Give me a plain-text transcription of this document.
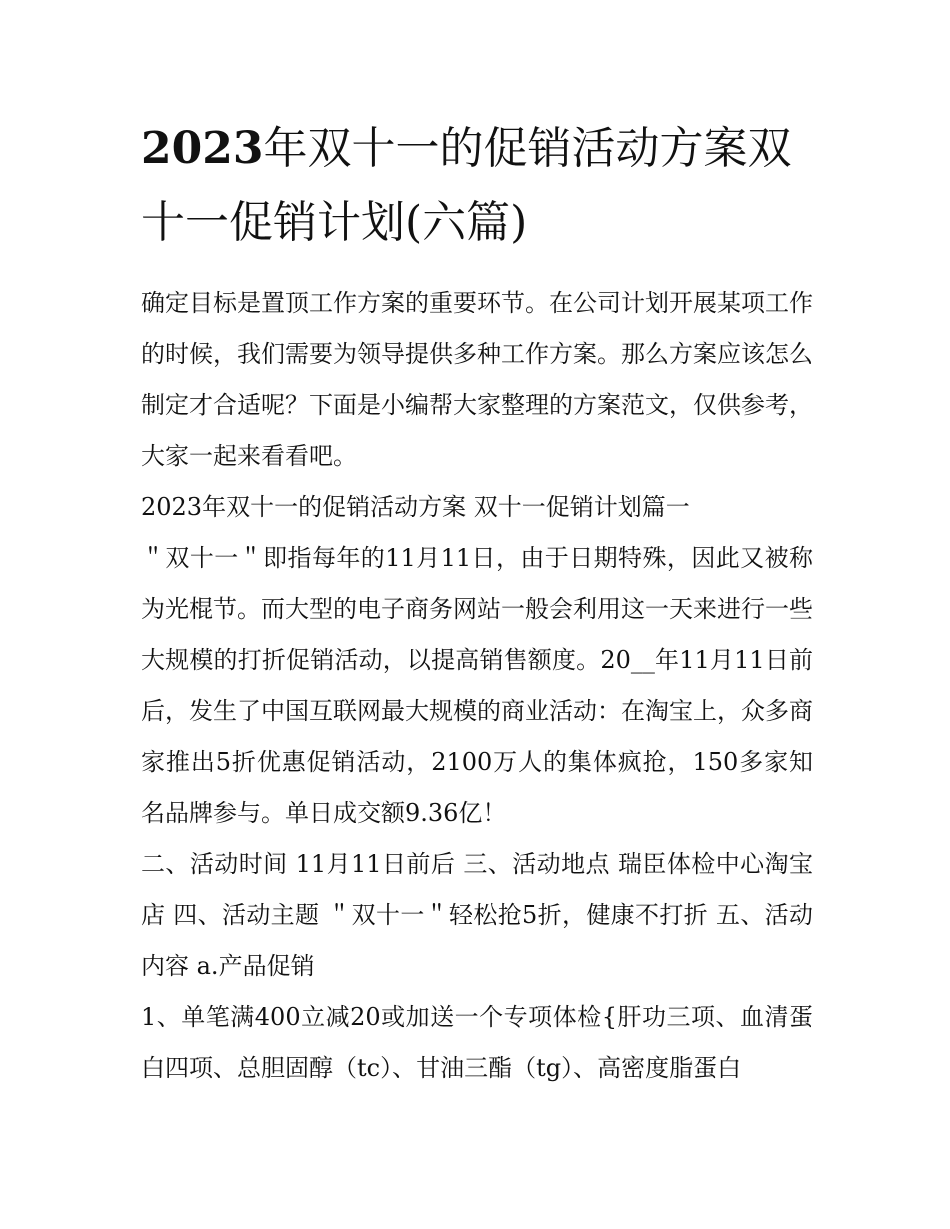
2023年双十一的促销活动方案双十一促销计划(六篇)

确定目标是置顶工作方案的重要环节。在公司计划开展某项工作的时候，我们需要为领导提供多种工作方案。那么方案应该怎么制定才合适呢？下面是小编帮大家整理的方案范文，仅供参考，大家一起来看看吧。

2023年双十一的促销活动方案 双十一促销计划篇一

＂双十一＂即指每年的11月11日，由于日期特殊，因此又被称为光棍节。而大型的电子商务网站一般会利用这一天来进行一些大规模的打折促销活动，以提高销售额度。20__年11月11日前后，发生了中国互联网最大规模的商业活动：在淘宝上，众多商家推出5折优惠促销活动，2100万人的集体疯抢，150多家知名品牌参与。单日成交额9.36亿！

二、活动时间 11月11日前后 三、活动地点 瑞臣体检中心淘宝店 四、活动主题 ＂双十一＂轻松抢5折，健康不打折 五、活动内容 a.产品促销

1、单笔满400立减20或加送一个专项体检{肝功三项、血清蛋白四项、总胆固醇（tc）、甘油三酯（tg）、高密度脂蛋白
